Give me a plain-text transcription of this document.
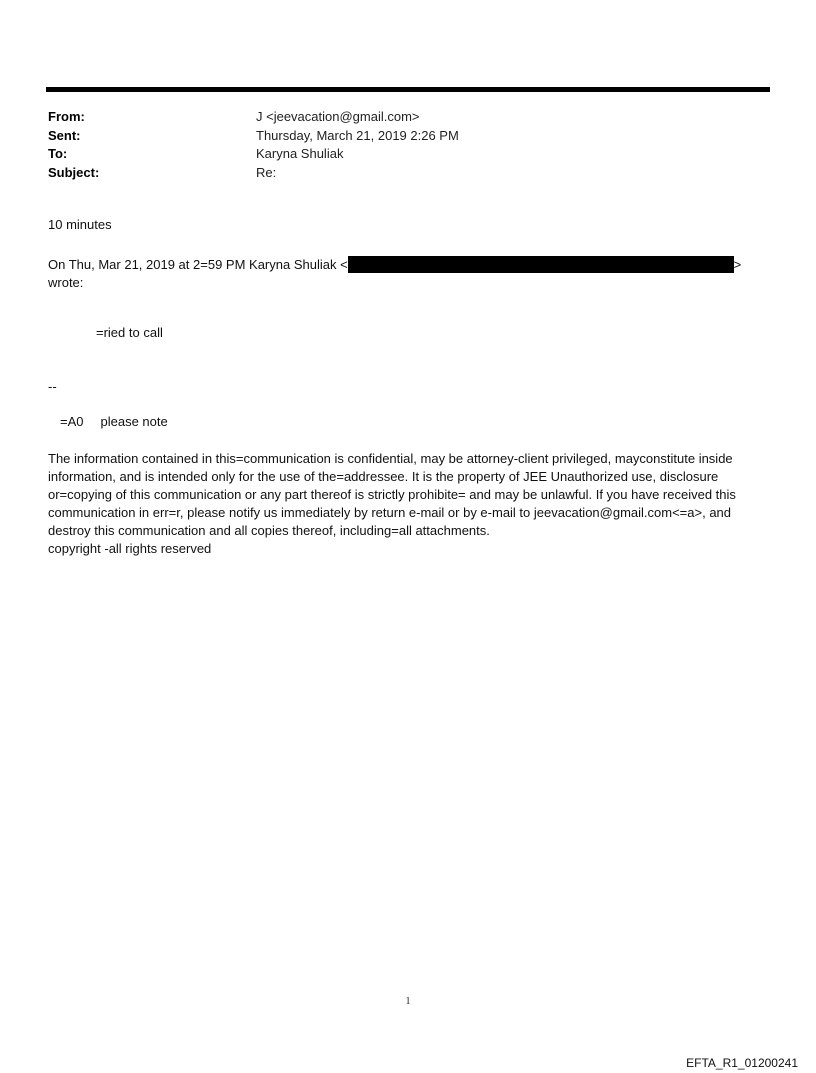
From:	J <jeevacation@gmail.com>
Sent:	Thursday, March 21, 2019 2:26 PM
To:	Karyna Shuliak
Subject:	Re:
10 minutes
On Thu, Mar 21, 2019 at 2=59 PM Karyna Shuliak <	>
wrote:
=ried to call
--
=A0 please note

The information contained in this=communication is confidential, may be attorney-client privileged, mayconstitute inside information, and is intended only for the use of the=addressee. It is the property of JEE Unauthorized use, disclosure or=copying of this communication or any part thereof is strictly prohibite= and may be unlawful. If you have received this communication in err=r, please notify us immediately by return e-mail or by e-mail to jeevacation@gmail.com<=a>, and destroy this communication and all copies thereof, including=all attachments.

copyright -all rights reserved

1
EFTA_R1_01200241
